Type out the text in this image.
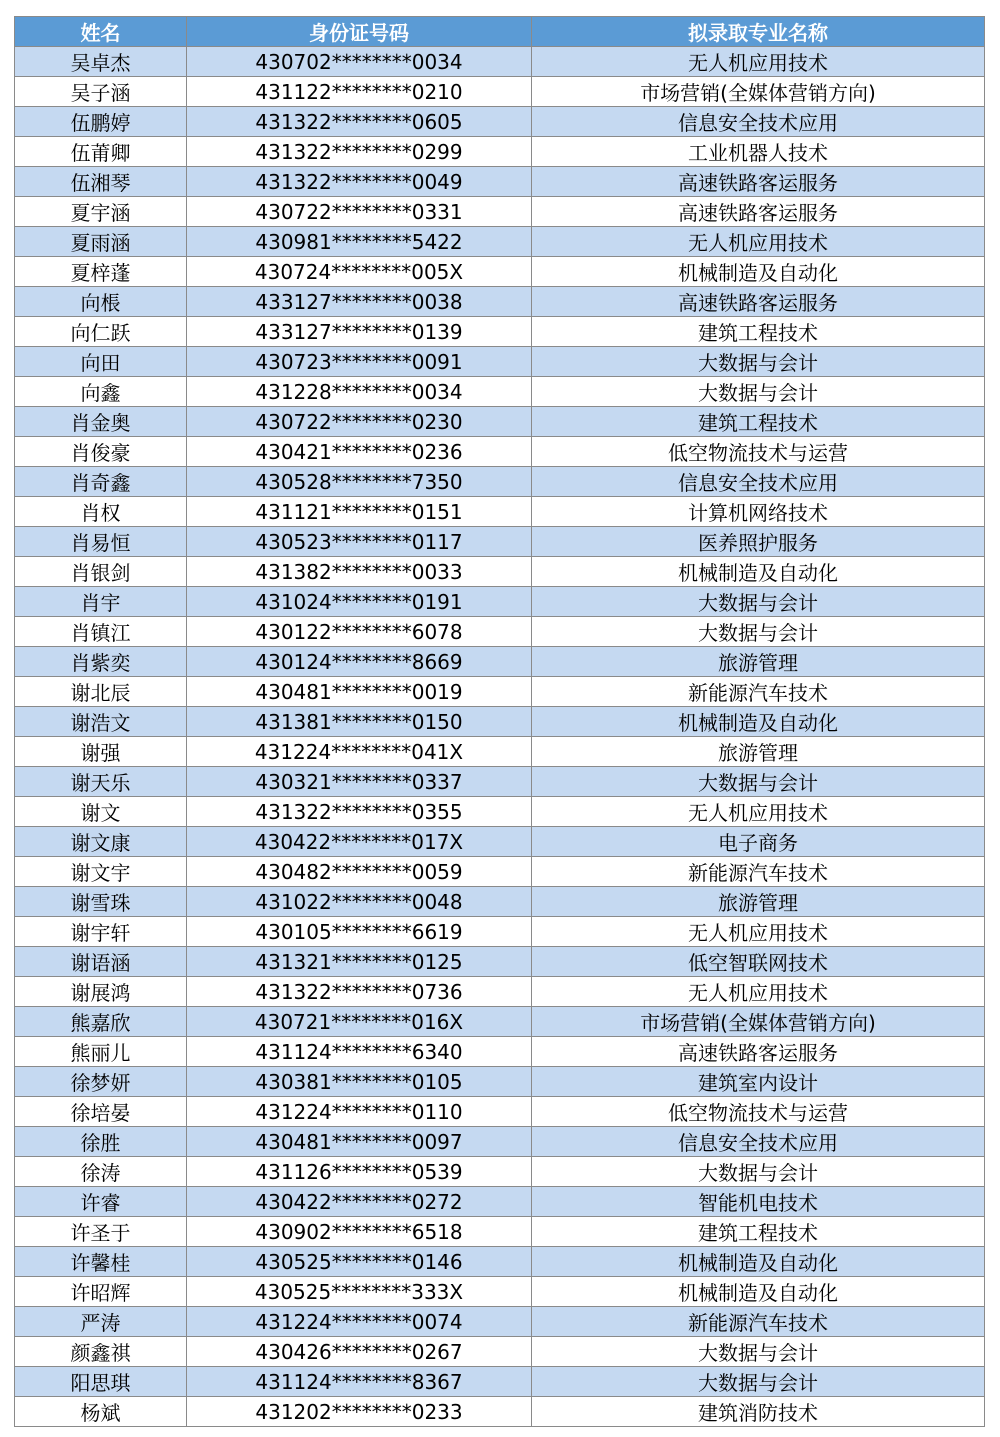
姓名	身份证号码	拟录取专业名称
吴卓杰	430702********0034	无人机应用技术
吴子涵	431122********0210	市场营销(全媒体营销方向)
伍鹏婷	431322********0605	信息安全技术应用
伍莆卿	431322********0299	工业机器人技术
伍湘琴	431322********0049	高速铁路客运服务
夏宇涵	430722********0331	高速铁路客运服务
夏雨涵	430981********5422	无人机应用技术
夏梓蓬	430724********005X	机械制造及自动化
向棖	433127********0038	高速铁路客运服务
向仁跃	433127********0139	建筑工程技术
向田	430723********0091	大数据与会计
向鑫	431228********0034	大数据与会计
肖金奥	430722********0230	建筑工程技术
肖俊豪	430421********0236	低空物流技术与运营
肖奇鑫	430528********7350	信息安全技术应用
肖权	431121********0151	计算机网络技术
肖易恒	430523********0117	医养照护服务
肖银剑	431382********0033	机械制造及自动化
肖宇	431024********0191	大数据与会计
肖镇江	430122********6078	大数据与会计
肖紫奕	430124********8669	旅游管理
谢北辰	430481********0019	新能源汽车技术
谢浩文	431381********0150	机械制造及自动化
谢强	431224********041X	旅游管理
谢天乐	430321********0337	大数据与会计
谢文	431322********0355	无人机应用技术
谢文康	430422********017X	电子商务
谢文宇	430482********0059	新能源汽车技术
谢雪珠	431022********0048	旅游管理
谢宇轩	430105********6619	无人机应用技术
谢语涵	431321********0125	低空智联网技术
谢展鸿	431322********0736	无人机应用技术
熊嘉欣	430721********016X	市场营销(全媒体营销方向)
熊丽儿	431124********6340	高速铁路客运服务
徐梦妍	430381********0105	建筑室内设计
徐培晏	431224********0110	低空物流技术与运营
徐胜	430481********0097	信息安全技术应用
徐涛	431126********0539	大数据与会计
许睿	430422********0272	智能机电技术
许圣于	430902********6518	建筑工程技术
许馨桂	430525********0146	机械制造及自动化
许昭辉	430525********333X	机械制造及自动化
严涛	431224********0074	新能源汽车技术
颜鑫祺	430426********0267	大数据与会计
阳思琪	431124********8367	大数据与会计
杨斌	431202********0233	建筑消防技术
